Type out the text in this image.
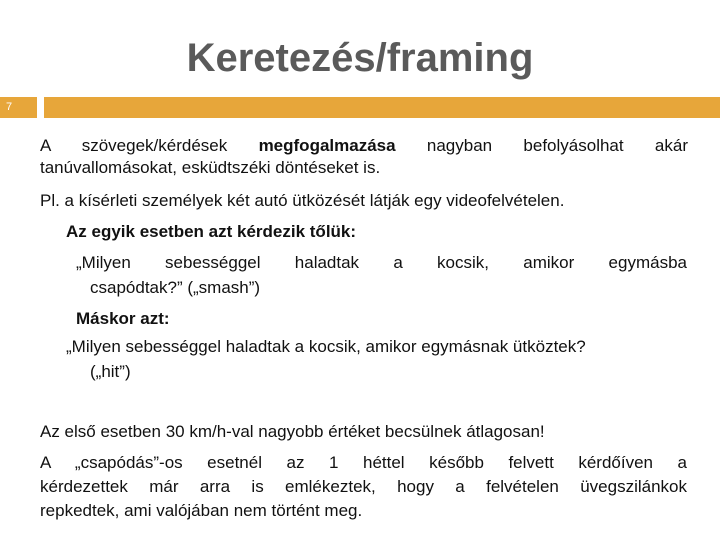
Keretezés/framing
7
A szövegek/kérdések megfogalmazása nagyban befolyásolhat akár
tanúvallomásokat, esküdtszéki döntéseket is.
Pl. a kísérleti személyek két autó ütközését látják egy videofelvételen.
Az egyik esetben azt kérdezik tőlük:
„Milyen sebességgel haladtak a kocsik, amikor egymásba
csapódtak?” („smash”)
Máskor azt:
„Milyen sebességgel haladtak a kocsik, amikor egymásnak ütköztek?
(„hit”)
Az első esetben 30 km/h-val nagyobb értéket becsülnek átlagosan!
A „csapódás”-os esetnél az 1 héttel később felvett kérdőíven a
kérdezettek már arra is emlékeztek, hogy a felvételen üvegszilánkok
repkedtek, ami valójában nem történt meg.
